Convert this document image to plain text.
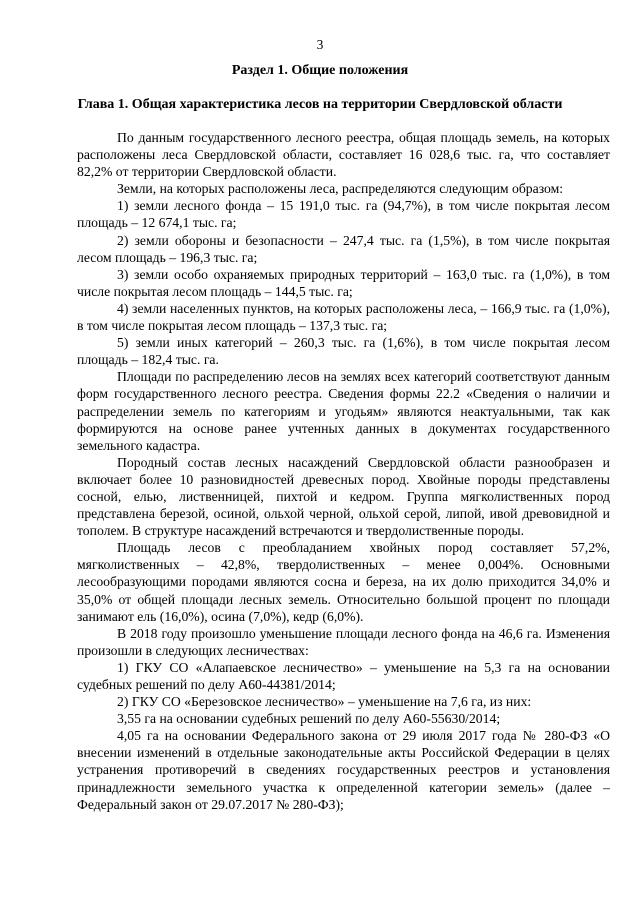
3
Раздел 1. Общие положения
Глава 1. Общая характеристика лесов на территории Свердловской области

По данным государственного лесного реестра, общая площадь земель, на которых расположены леса Свердловской области, составляет 16 028,6 тыс. га, что составляет 82,2% от территории Свердловской области.

Земли, на которых расположены леса, распределяются следующим образом:

1) земли лесного фонда – 15 191,0 тыс. га (94,7%), в том числе покрытая лесом площадь – 12 674,1 тыс. га;

2) земли обороны и безопасности – 247,4 тыс. га (1,5%), в том числе покрытая лесом площадь – 196,3 тыс. га;

3) земли особо охраняемых природных территорий – 163,0 тыс. га (1,0%), в том числе покрытая лесом площадь – 144,5 тыс. га;

4) земли населенных пунктов, на которых расположены леса, – 166,9 тыс. га (1,0%), в том числе покрытая лесом площадь – 137,3 тыс. га;

5) земли иных категорий – 260,3 тыс. га (1,6%), в том числе покрытая лесом площадь – 182,4 тыс. га.

Площади по распределению лесов на землях всех категорий соответствуют данным форм государственного лесного реестра. Сведения формы 22.2 «Сведения о наличии и распределении земель по категориям и угодьям» являются неактуальными, так как формируются на основе ранее учтенных данных в документах государственного земельного кадастра.

Породный состав лесных насаждений Свердловской области разнообразен и включает более 10 разновидностей древесных пород. Хвойные породы представлены сосной, елью, лиственницей, пихтой и кедром. Группа мягколиственных пород представлена березой, осиной, ольхой черной, ольхой серой, липой, ивой древовидной и тополем. В структуре насаждений встречаются и твердолиственные породы.

Площадь лесов с преобладанием хвойных пород составляет 57,2%, мягколиственных – 42,8%, твердолиственных – менее 0,004%. Основными лесообразующими породами являются сосна и береза, на их долю приходится 34,0% и 35,0% от общей площади лесных земель. Относительно большой процент по площади занимают ель (16,0%), осина (7,0%), кедр (6,0%).

В 2018 году произошло уменьшение площади лесного фонда на 46,6 га. Изменения произошли в следующих лесничествах:

1) ГКУ СО «Алапаевское лесничество» – уменьшение на 5,3 га на основании судебных решений по делу А60-44381/2014;

2) ГКУ СО «Березовское лесничество» – уменьшение на 7,6 га, из них:

3,55 га на основании судебных решений по делу А60-55630/2014;

4,05 га на основании Федерального закона от 29 июля 2017 года № 280-ФЗ «О внесении изменений в отдельные законодательные акты Российской Федерации в целях устранения противоречий в сведениях государственных реестров и установления принадлежности земельного участка к определенной категории земель» (далее – Федеральный закон от 29.07.2017 № 280-ФЗ);
